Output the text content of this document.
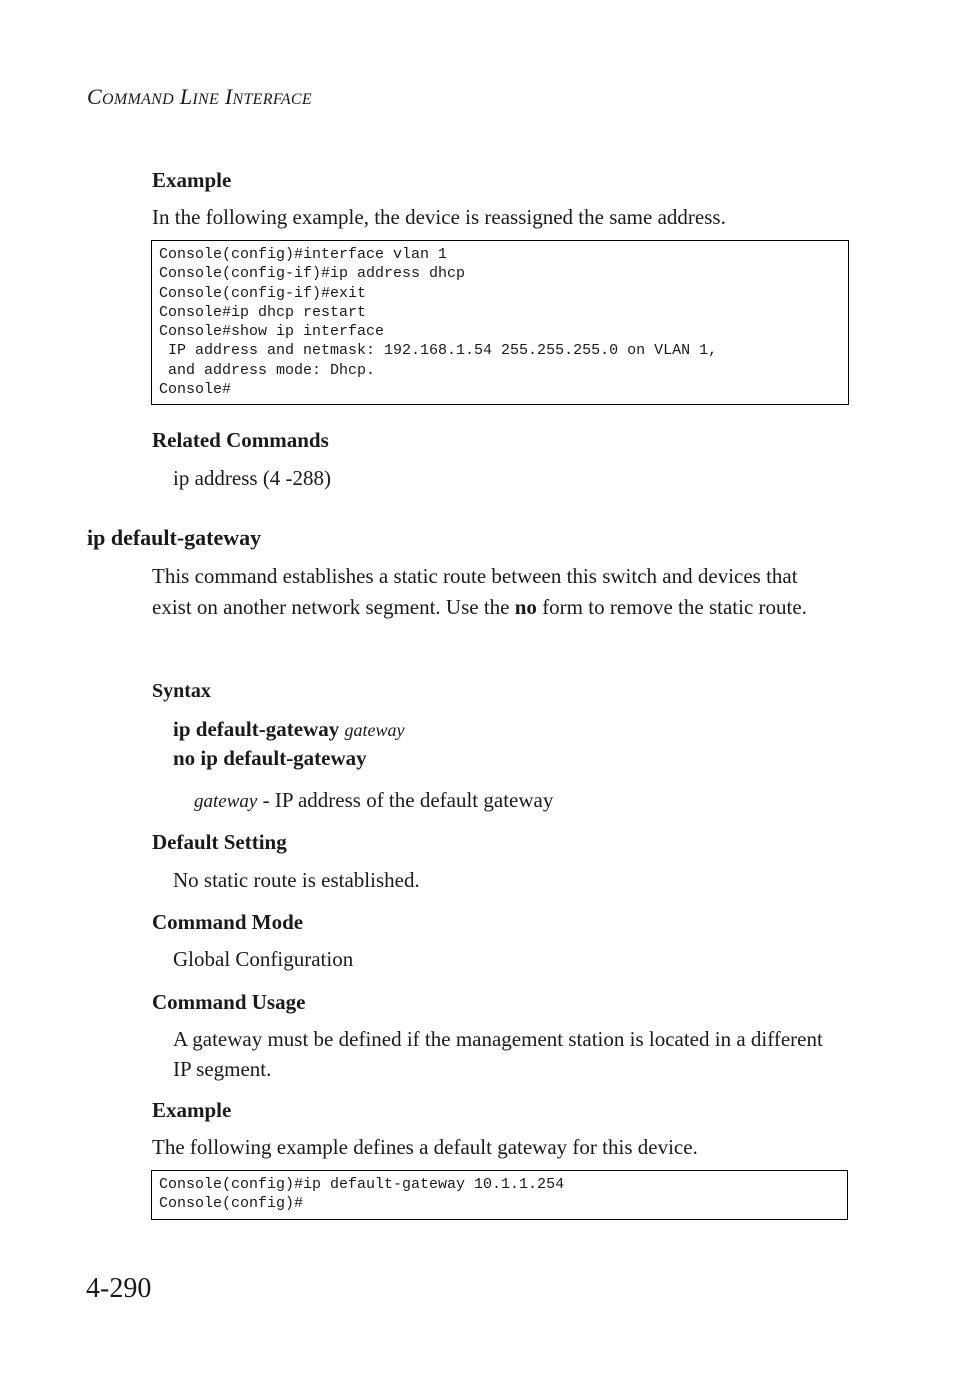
COMMAND LINE INTERFACE
Example
In the following example, the device is reassigned the same address.
Console(config)#interface vlan 1
Console(config-if)#ip address dhcp
Console(config-if)#exit
Console#ip dhcp restart
Console#show ip interface
IP address and netmask: 192.168.1.54 255.255.255.0 on VLAN 1,
and address mode: Dhcp.
Console#
Related Commands
ip address (4 -288)
ip default-gateway
This command establishes a static route between this switch and devices that exist on another network segment. Use the no form to remove the static route.
Syntax
ip default-gateway gateway
no ip default-gateway
gateway - IP address of the default gateway
Default Setting
No static route is established.
Command Mode
Global Configuration
Command Usage
A gateway must be defined if the management station is located in a different IP segment.
Example
The following example defines a default gateway for this device.
Console(config)#ip default-gateway 10.1.1.254
Console(config)#
4-290
